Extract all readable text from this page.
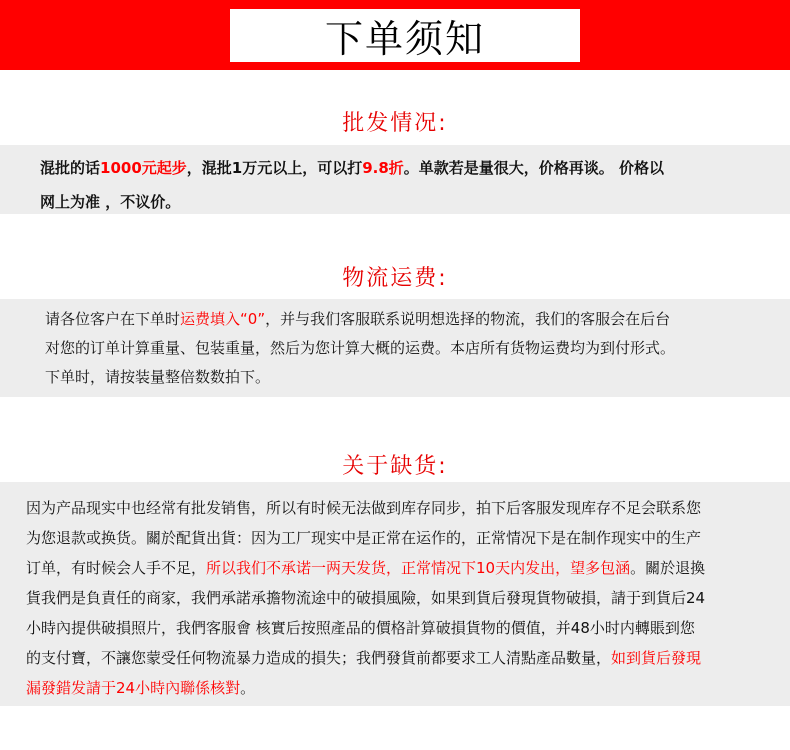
下单须知
批发情况:
混批的话1000元起步，混批1万元以上，可以打9.8折。单款若是量很大，价格再谈。 价格以
网上为准 ，不议价。
物流运费:
请各位客户在下单时运费填入“0”，并与我们客服联系说明想选择的物流，我们的客服会在后台
对您的订单计算重量、包装重量，然后为您计算大概的运费。本店所有货物运费均为到付形式。
下单时，请按装量整倍数数拍下。
关于缺货:
因为产品现实中也经常有批发销售，所以有时候无法做到库存同步，拍下后客服发现库存不足会联系您
为您退款或换货。關於配貨出貨：因为工厂现实中是正常在运作的，正常情况下是在制作现实中的生产
订单，有时候会人手不足，所以我们不承诺一两天发货，正常情况下10天内发出，望多包涵。關於退換
貨我們是負責任的商家，我們承諾承擔物流途中的破損風險，如果到貨后發現貨物破損，請于到貨后24
小時內提供破損照片，我們客服會 核實后按照產品的價格計算破損貨物的價值，并48小时内轉賬到您
的支付寶，不讓您蒙受任何物流暴力造成的損失；我們發貨前都要求工人清點產品數量，如到貨后發現
漏發錯发請于24小時內聯係核對。
